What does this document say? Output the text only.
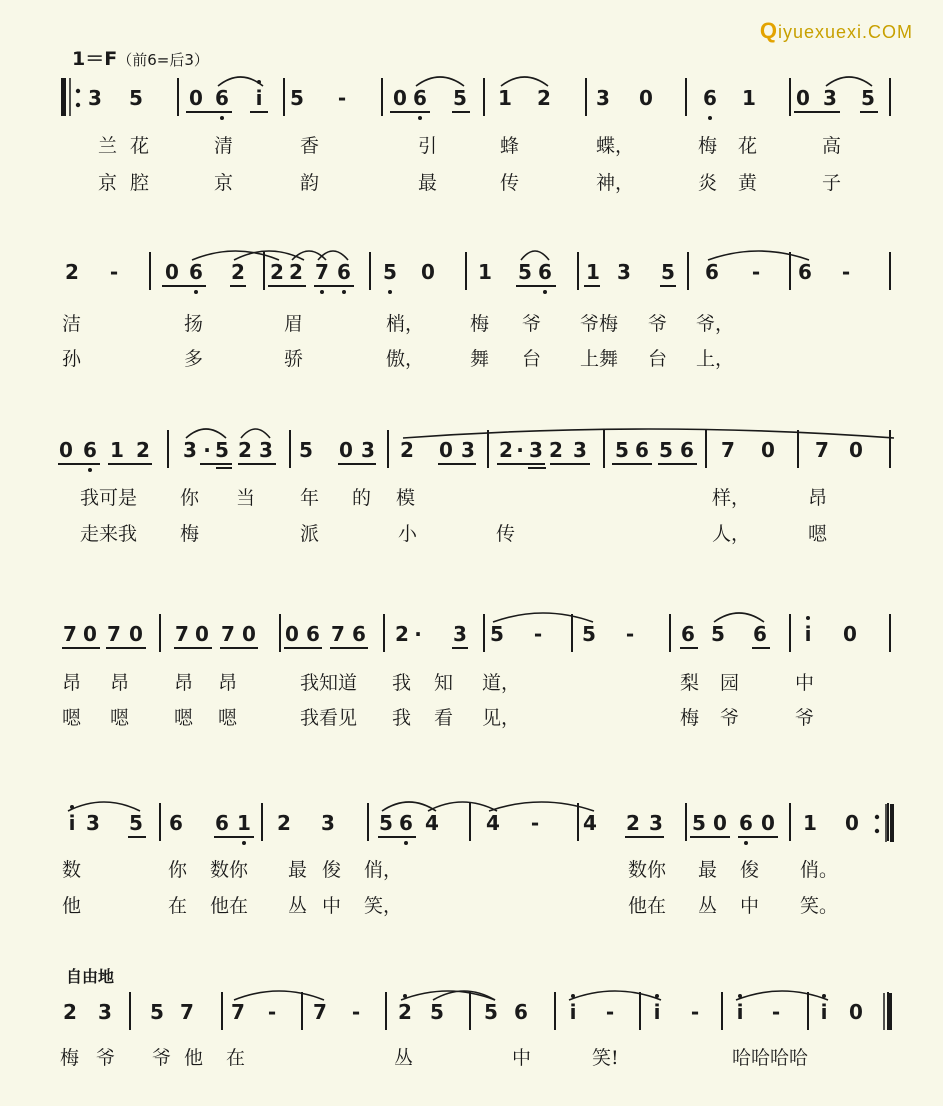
Qiyuexuexi.COM
1＝F（前6=后3）
自由地
3 5 0 6 i 5 - 0 6 5 1 2 3 0	6 1 0 3 5
兰 花	清	香	引	蜂	蝶，	梅 花	高
京 腔	京	韵	最	传	神，	炎 黄	子
2 - 0 6 2 2 2 7 6 5 0 1 5 6 1 3 5 6 - 6 -
洁	扬	眉	梢， 梅 爷 爷梅 爷 爷，
孙	多	骄	傲， 舞 台 上舞 台 上，
0 6 1 2 3 · 5 2 3 5 0 3 2 0 3 2 · 3 2 3 5 6 5 6 7 0 7 0
我可是 你 当 年 的 模	样，	昂
走来我 梅	派	小	传	人，	嗯
7 0 7 0 7 0 7 0 0 6 7 6 2 · 3 5 - 5 - 6 5 6 i 0
昂 昂 昂 昂	我知道 我 知 道，	梨 园	中
嗯 嗯 嗯 嗯	我看见 我 看 见，	梅 爷	爷
i 3 5 6 6 1 2 3 5 6 4 4 - 4 2 3 5 0 6 0 1 0
数	你 数你 最 俊 俏，	数你 最 俊 俏。
他	在 他在 丛 中 笑，	他在 丛 中 笑。
2 3 5 7 7 - 7 - 2 5 5 6 i - i - i - i 0
梅 爷 爷 他 在	丛	中	笑!	哈哈哈哈
